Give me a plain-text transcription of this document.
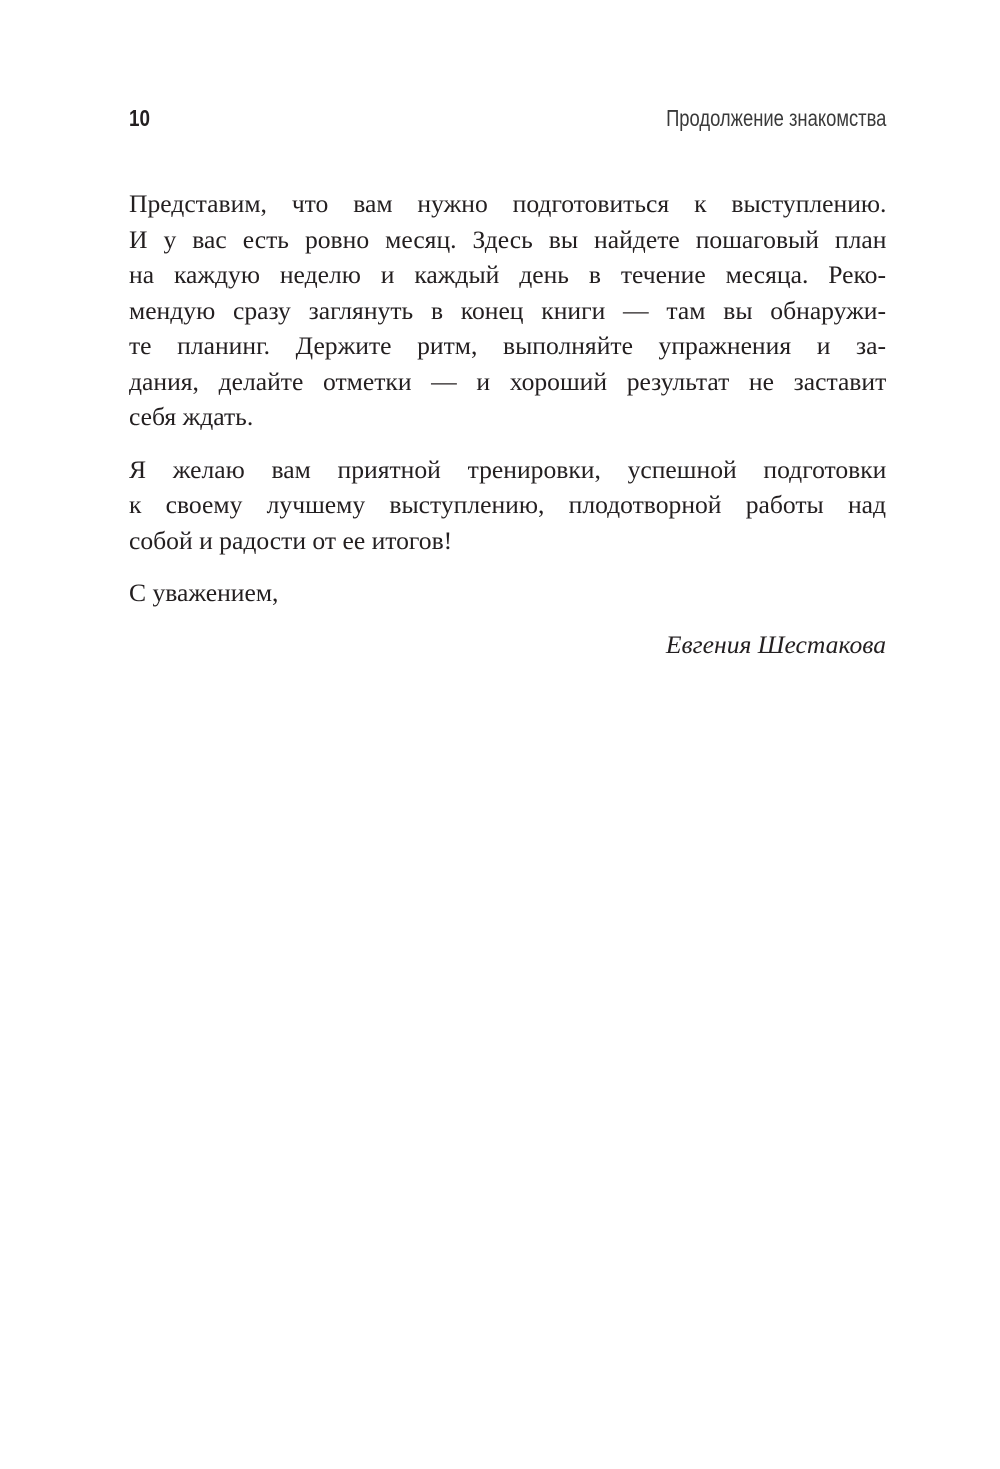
10	Продолжение знакомства

Представим, что вам нужно подготовиться к выступлению.
И у вас есть ровно месяц. Здесь вы найдете пошаговый план
на каждую неделю и каждый день в течение месяца. Реко-
мендую сразу заглянуть в конец книги — там вы обнаружи-
те планинг. Держите ритм, выполняйте упражнения и за-
дания, делайте отметки — и хороший результат не заставит
себя ждать.

Я желаю вам приятной тренировки, успешной подготовки
к своему лучшему выступлению, плодотворной работы над
собой и радости от ее итогов!

С уважением,

Евгения Шестакова
